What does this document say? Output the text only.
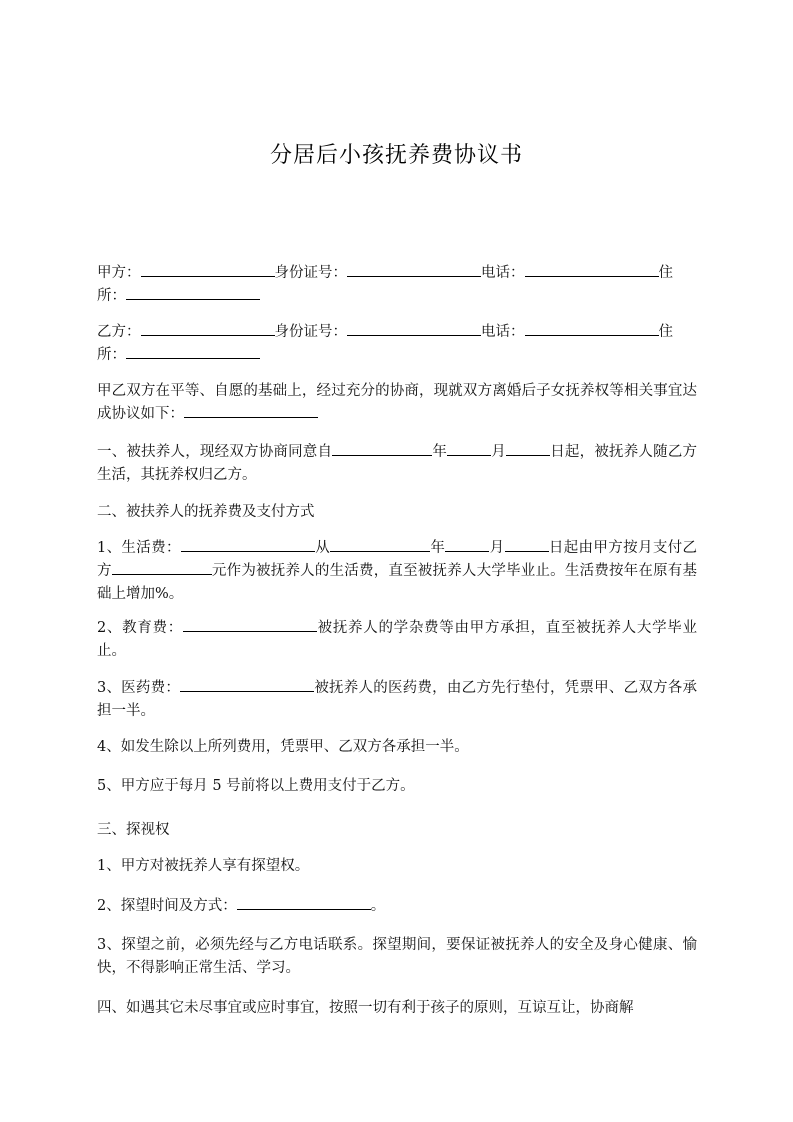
分居后小孩抚养费协议书

甲方：	身份证号：	电话：	住
所：

乙方：	身份证号：	电话：	住
所：

甲乙双方在平等、自愿的基础上，经过充分的协商，现就双方离婚后子女抚养权等相关事宜达成协议如下：

一、被扶养人，现经双方协商同意自	年	月	日起，被抚养人随乙方生活，其抚养权归乙方。

二、被扶养人的抚养费及支付方式

1、生活费：	从	年	月	日起由甲方按月支付乙方	元作为被抚养人的生活费，直至被抚养人大学毕业止。生活费按年在原有基础上增加%。

2、教育费：	被抚养人的学杂费等由甲方承担，直至被抚养人大学毕业止。

3、医药费：	被抚养人的医药费，由乙方先行垫付，凭票甲、乙双方各承担一半。

4、如发生除以上所列费用，凭票甲、乙双方各承担一半。

5、甲方应于每月 5 号前将以上费用支付于乙方。

三、探视权

1、甲方对被抚养人享有探望权。

2、探望时间及方式：	。

3、探望之前，必须先经与乙方电话联系。探望期间，要保证被抚养人的安全及身心健康、愉快，不得影响正常生活、学习。

四、如遇其它未尽事宜或应时事宜，按照一切有利于孩子的原则，互谅互让，协商解
